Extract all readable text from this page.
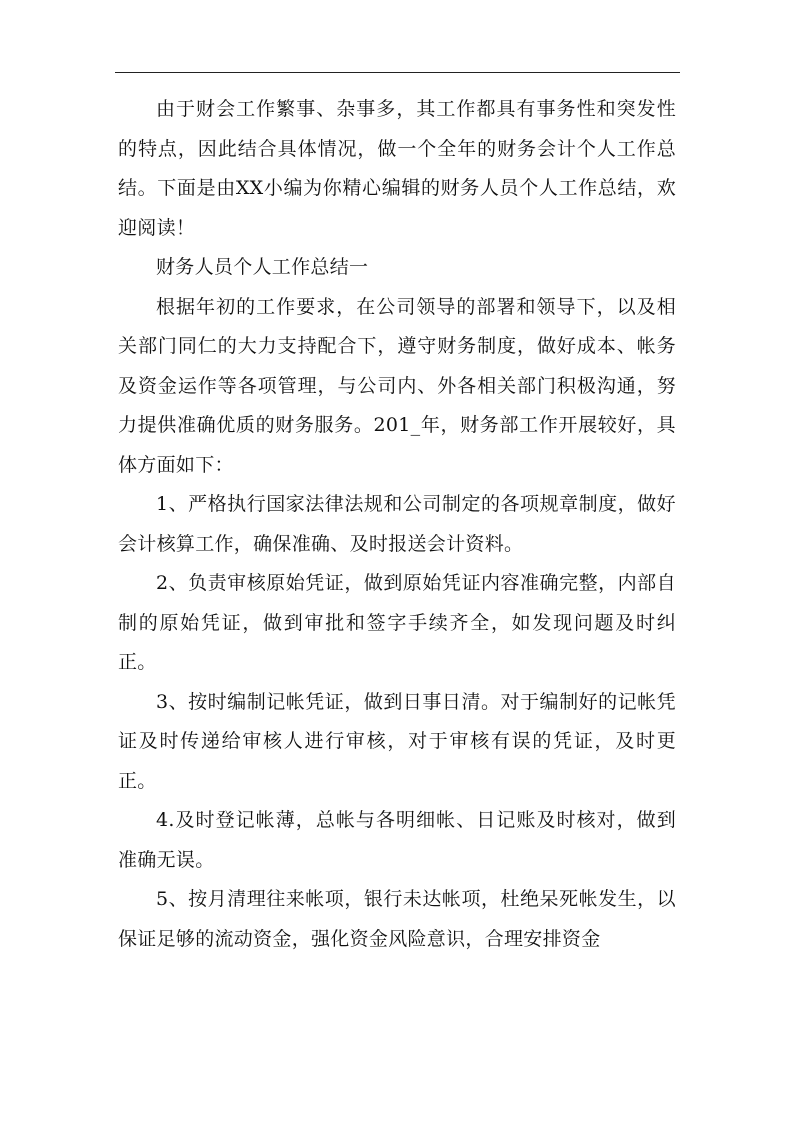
由于财会工作繁事、杂事多，其工作都具有事务性和突发性的特点，因此结合具体情况，做一个全年的财务会计个人工作总结。下面是由XX小编为你精心编辑的财务人员个人工作总结，欢迎阅读！

财务人员个人工作总结一

根据年初的工作要求，在公司领导的部署和领导下，以及相关部门同仁的大力支持配合下，遵守财务制度，做好成本、帐务及资金运作等各项管理，与公司内、外各相关部门积极沟通，努力提供准确优质的财务服务。201_年，财务部工作开展较好，具体方面如下：

1、严格执行国家法律法规和公司制定的各项规章制度，做好会计核算工作，确保准确、及时报送会计资料。

2、负责审核原始凭证，做到原始凭证内容准确完整，内部自制的原始凭证，做到审批和签字手续齐全，如发现问题及时纠正。

3、按时编制记帐凭证，做到日事日清。对于编制好的记帐凭证及时传递给审核人进行审核，对于审核有误的凭证，及时更正。

4.及时登记帐薄，总帐与各明细帐、日记账及时核对，做到准确无误。

5、按月清理往来帐项，银行未达帐项，杜绝呆死帐发生，以保证足够的流动资金，强化资金风险意识，合理安排资金
